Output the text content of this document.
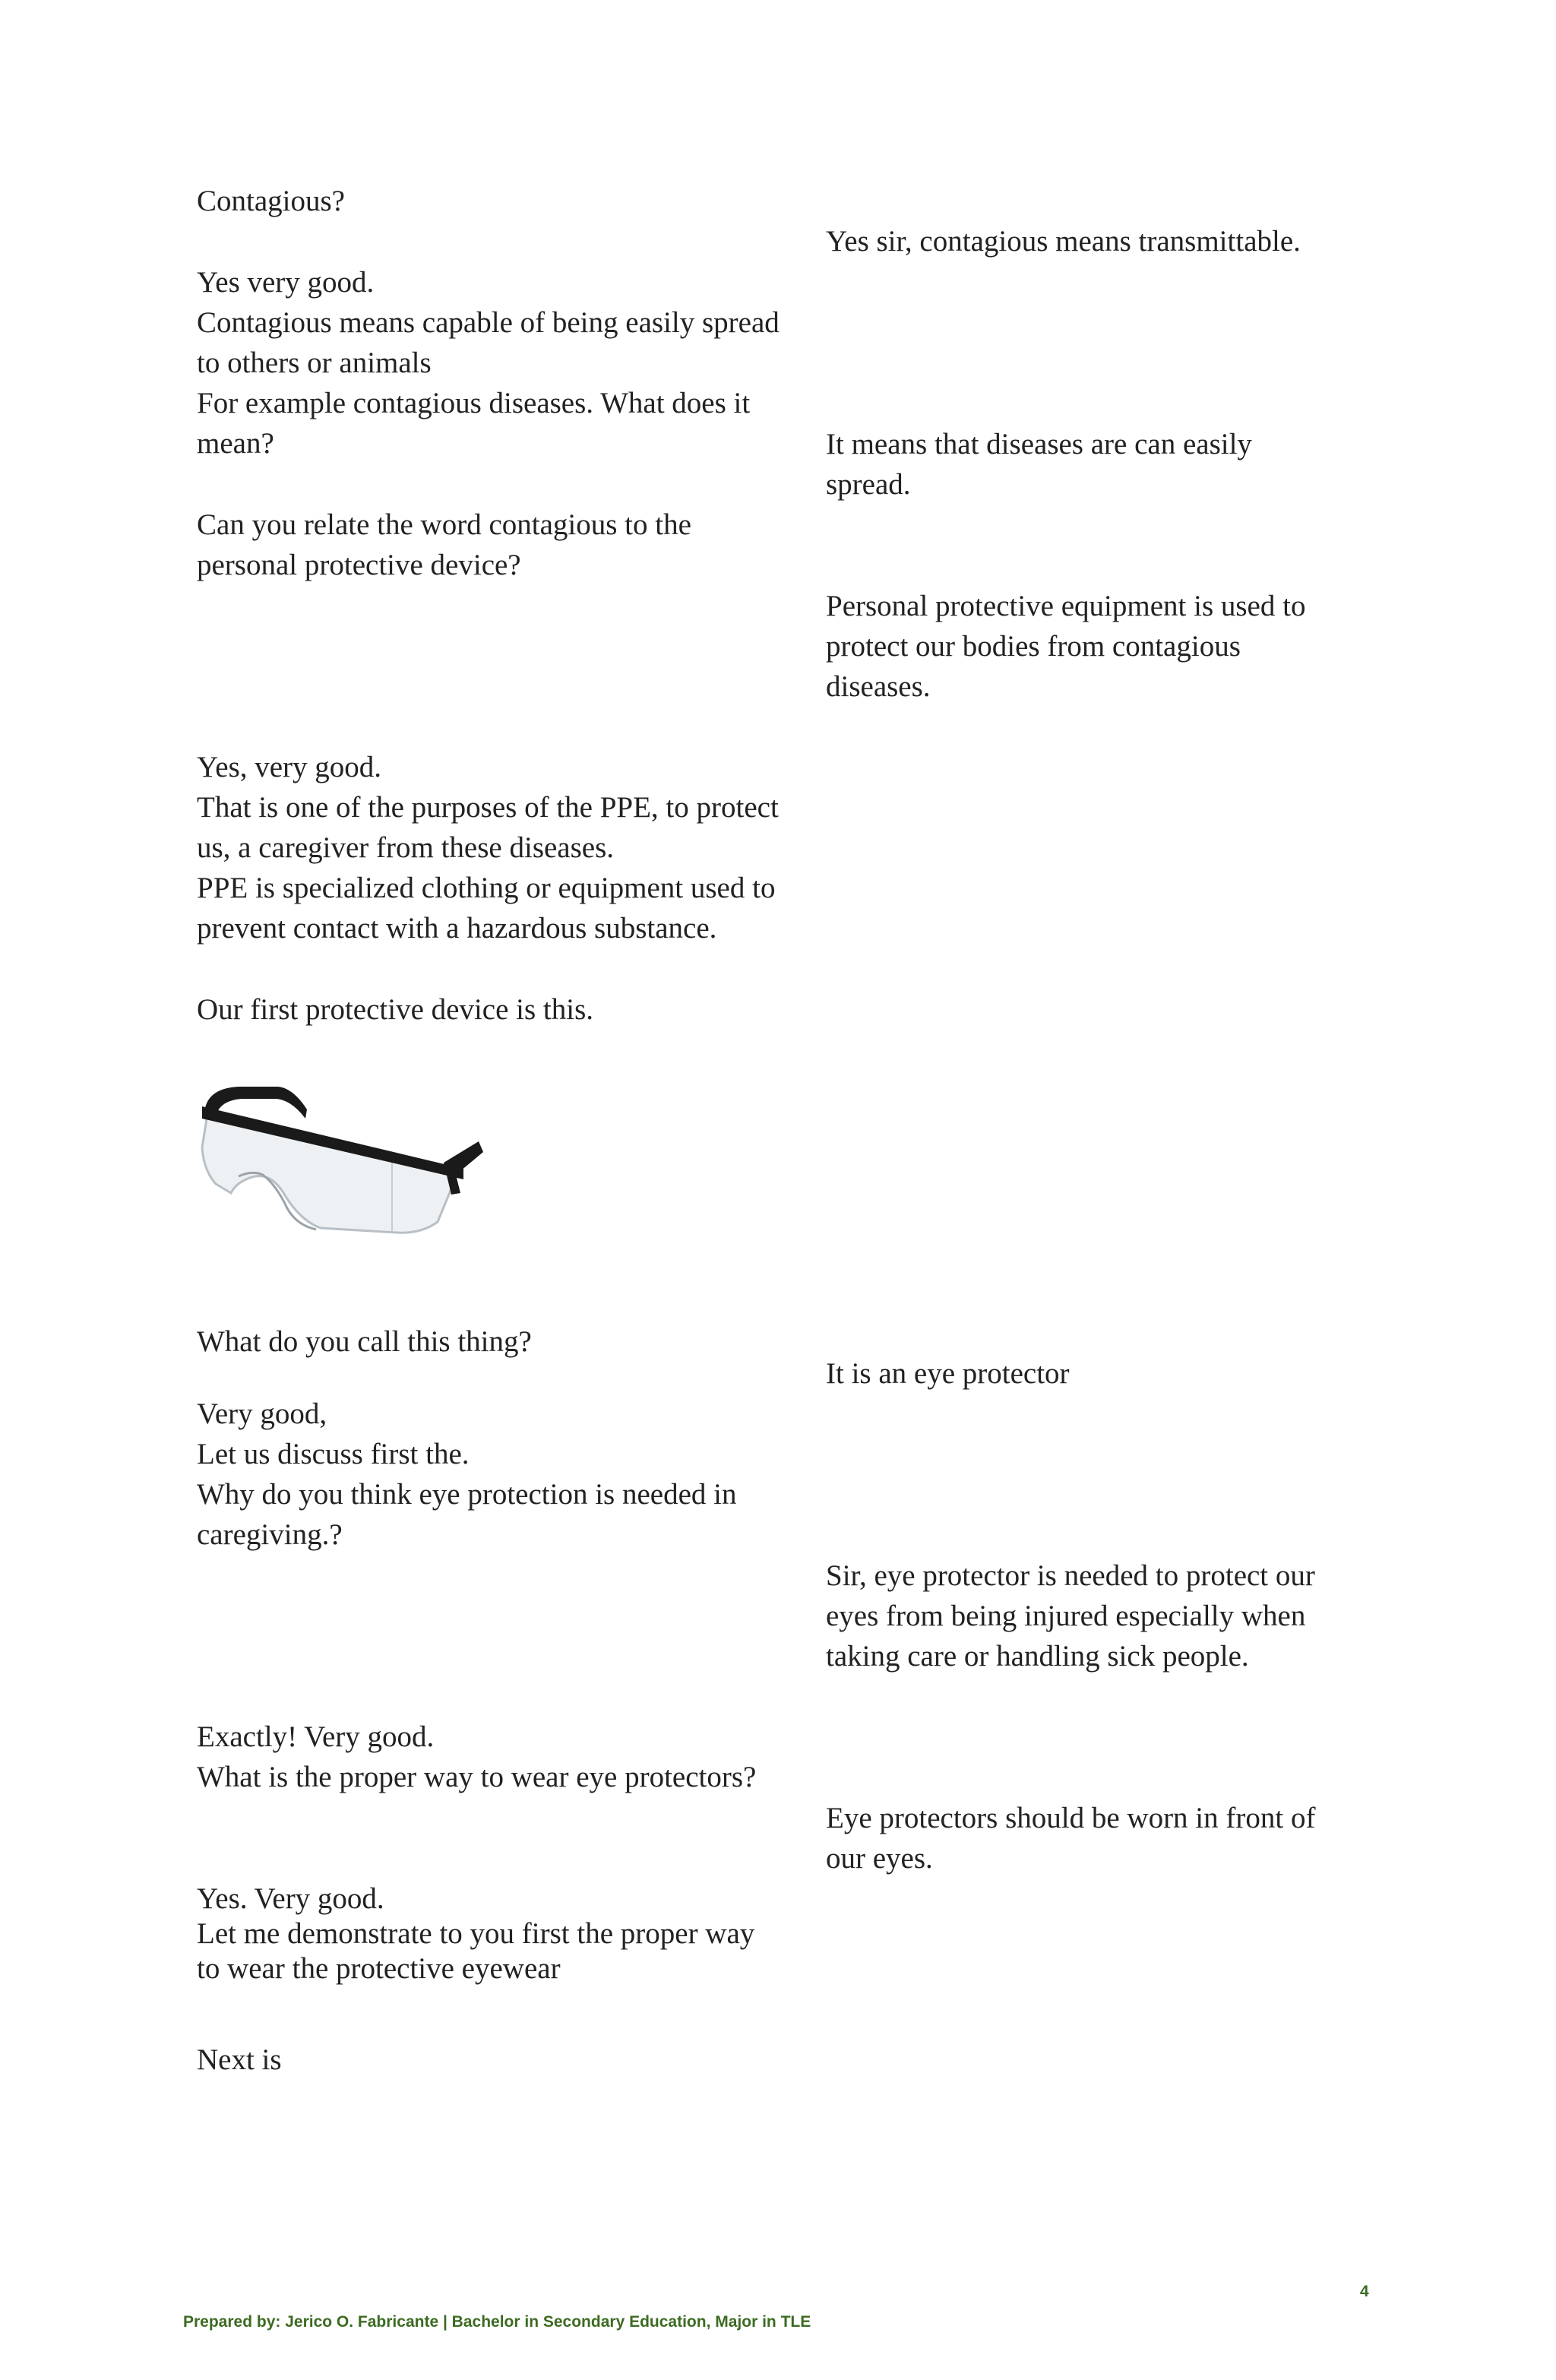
Contagious?
Yes very good.
Contagious means capable of being easily spread
to others or animals
For example contagious diseases. What does it
mean?
Can you relate the word contagious to the
personal protective device?
Yes, very good.
That is one of the purposes of the PPE, to protect
us, a caregiver from these diseases.
PPE is specialized clothing or equipment used to
prevent contact with a hazardous substance.
Our first protective device is this.
What do you call this thing?
Very good,
Let us discuss first the.
Why do you think eye protection is needed in
caregiving.?
Exactly! Very good.
What is the proper way to wear eye protectors?
Yes. Very good.
Let me demonstrate to you first the proper way
to wear the protective eyewear
Next is
Yes sir, contagious means transmittable.
It means that diseases are can easily
spread.
Personal protective equipment is used to
protect our bodies from contagious
diseases.
It is an eye protector
Sir, eye protector is needed to protect our
eyes from being injured especially when
taking care or handling sick people.
Eye protectors should be worn in front of
our eyes.
4
Prepared by: Jerico O. Fabricante | Bachelor in Secondary Education, Major in TLE
